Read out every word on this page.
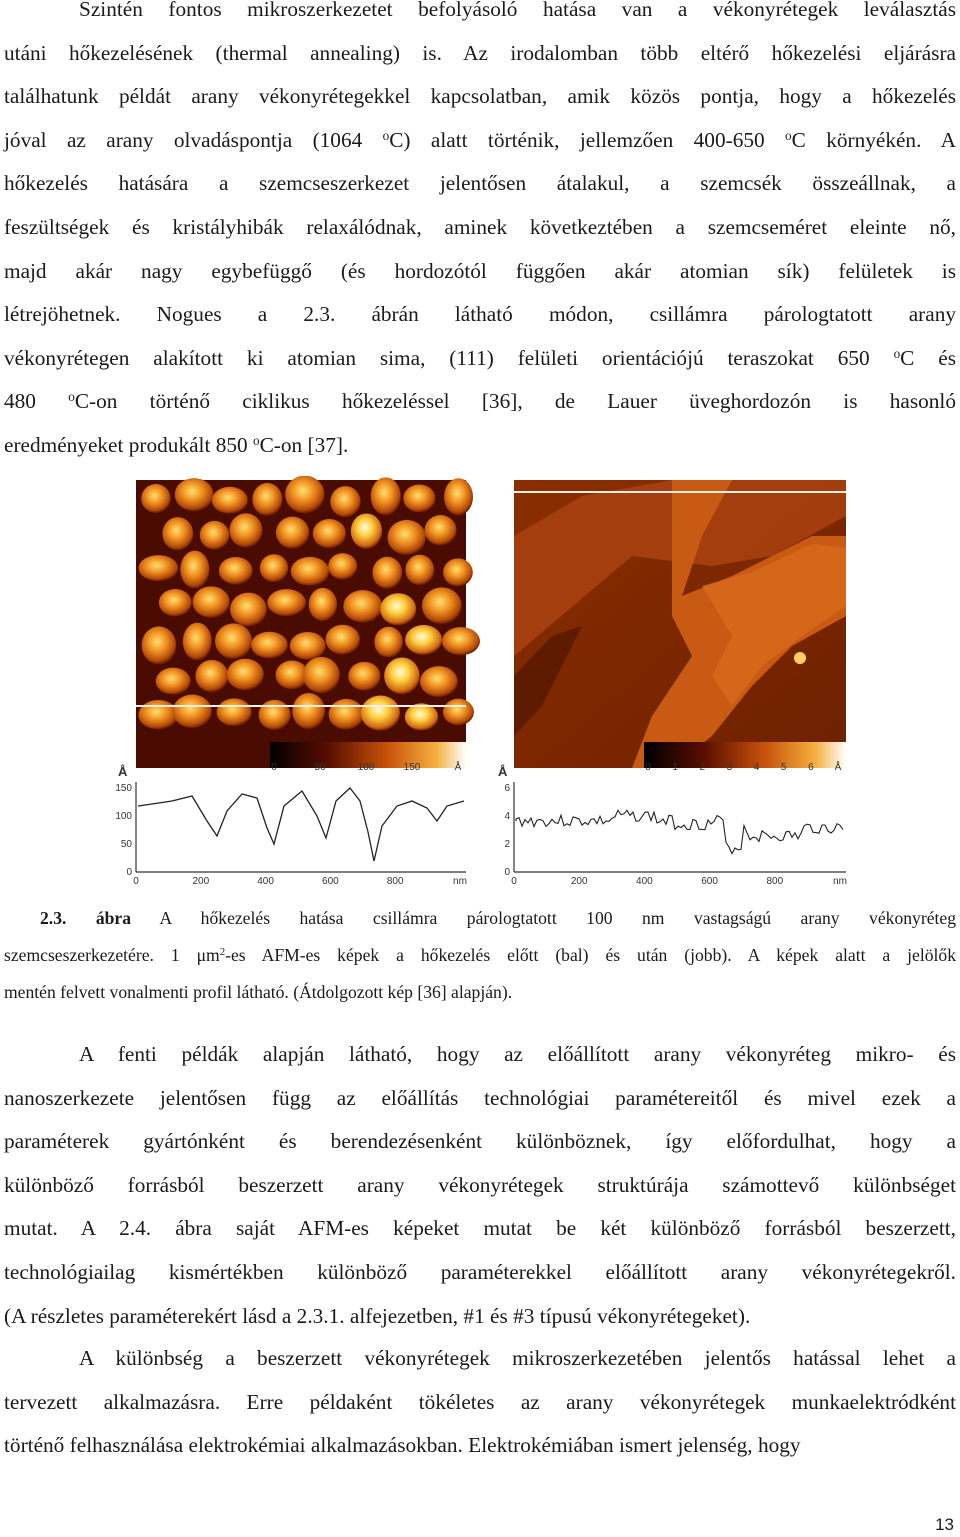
Szintén fontos mikroszerkezetet befolyásoló hatása van a vékonyrétegek leválasztás
utáni hőkezelésének (thermal annealing) is. Az irodalomban több eltérő hőkezelési eljárásra
találhatunk példát arany vékonyrétegekkel kapcsolatban, amik közös pontja, hogy a hőkezelés
jóval az arany olvadáspontja (1064 $^o$C) alatt történik, jellemzően 400-650 $^o$C környékén. A
hőkezelés hatására a szemcseszerkezet jelentősen átalakul, a szemcsék összeállnak, a
feszültségek és kristályhibák relaxálódnak, aminek következtében a szemcseméret eleinte nő,
majd akár nagy egybefüggő (és hordozótól függően akár atomian sík) felületek is
létrejöhetnek. Nogues a 2.3. ábrán látható módon, csillámra párologtatott arany
vékonyrétegen alakított ki atomian sima, (111) felületi orientációjú teraszokat 650 $^o$C és
480 $^o$C-on történő ciklikus hőkezeléssel [36], de Lauer üveghordozón is hasonló
eredményeket produkált 850 $^o$C-on [37].
0	50	100	150	Å
Å
150
100
50
0
0	200	400	600	800	nm
0 1 2 3 4 5 6 Å
Å
6
4
2
0
0	200	400	600	800	nm
2.3. ábra A hőkezelés hatása csillámra párologtatott 100 nm vastagságú arany vékonyréteg
szemcseszerkezetére. 1 $\mu m^2-es$ AFM-es képek a hőkezelés előtt (bal) és után (jobb). A képek alatt a jelölők
mentén felvett vonalmenti profil látható. (Átdolgozott kép [36] alapján).
A fenti példák alapján látható, hogy az előállított arany vékonyréteg mikro- és
nanoszerkezete jelentősen függ az előállítás technológiai paramétereitől és mivel ezek a
paraméterek gyártónként és berendezésenként különböznek, így előfordulhat, hogy a
különböző forrásból beszerzett arany vékonyrétegek struktúrája számottevő különbséget
mutat. A 2.4. ábra saját AFM-es képeket mutat be két különböző forrásból beszerzett,
technológiailag kismértékben különböző paraméterekkel előállított arany vékonyrétegekről.
(A részletes paraméterekért lásd a 2.3.1. alfejezetben, #1 és #3 típusú vékonyrétegeket).
A különbség a beszerzett vékonyrétegek mikroszerkezetében jelentős hatással lehet a
tervezett alkalmazásra. Erre példaként tökéletes az arany vékonyrétegek munkaelektródként
történő felhasználása elektrokémiai alkalmazásokban. Elektrokémiában ismert jelenség, hogy
13
